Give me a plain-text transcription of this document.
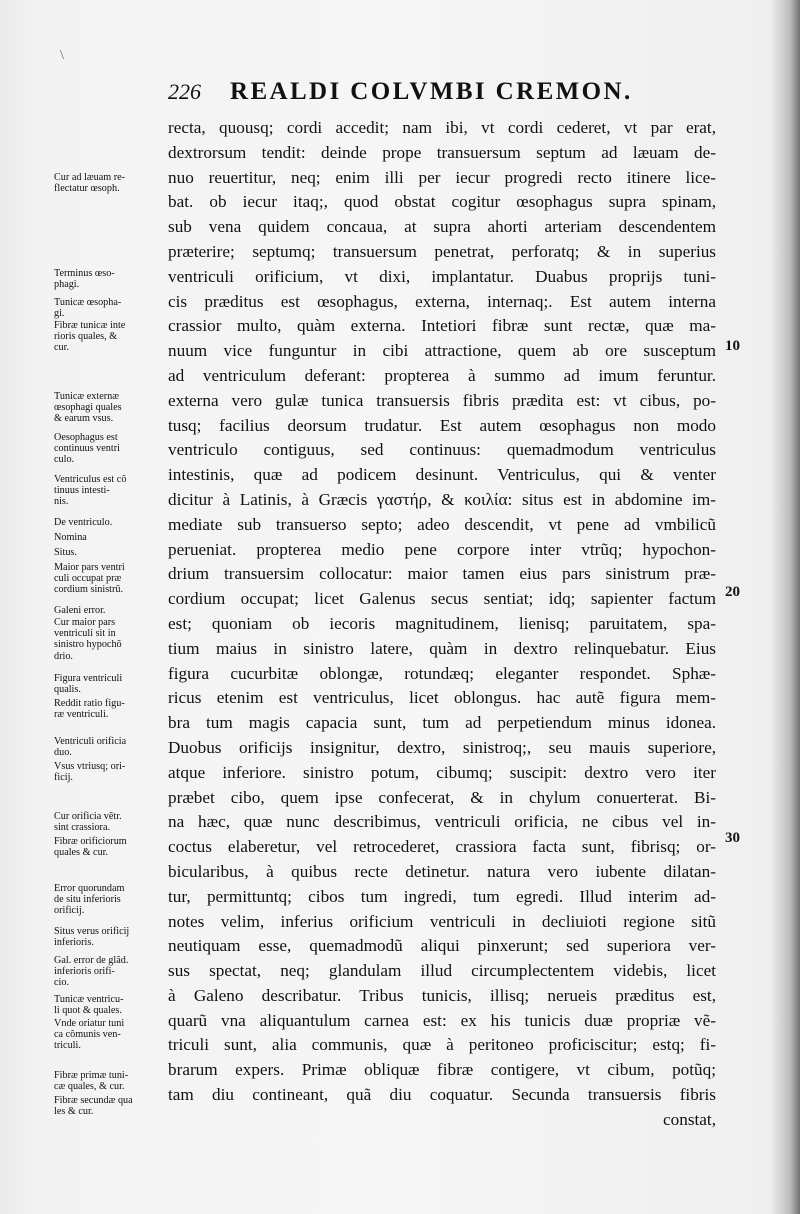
\
226	REALDI COLVMBI CREMON.
recta, quousq; cordi accedit; nam ibi, vt cordi cederet, vt par erat,
dextrorsum tendit: deinde prope transuersum septum ad læuam de-
nuo reuertitur, neq; enim illi per iecur progredi recto itinere lice-
bat. ob iecur itaq;, quod obstat cogitur œsophagus supra spinam,
sub vena quidem concaua, at supra ahorti arteriam descendentem
præterire; septumq; transuersum penetrat, perforatq; & in superius
ventriculi orificium, vt dixi, implantatur. Duabus proprijs tuni-
cis præditus est œsophagus, externa, internaq;. Est autem interna
crassior multo, quàm externa. Intetiori fibræ sunt rectæ, quæ ma-
nuum vice funguntur in cibi attractione, quem ab ore susceptum
ad ventriculum deferant: propterea à summo ad imum feruntur.
externa vero gulæ tunica transuersis fibris prædita est: vt cibus, po-
tusq; facilius deorsum trudatur. Est autem œsophagus non modo
ventriculo contiguus, sed continuus: quemadmodum ventriculus
intestinis, quæ ad podicem desinunt. Ventriculus, qui & venter
dicitur à Latinis, à Græcis γαστήρ, & κοιλία: situs est in abdomine im-
mediate sub transuerso septo; adeo descendit, vt pene ad vmbilicũ
perueniat. propterea medio pene corpore inter vtrũq; hypochon-
drium transuersim collocatur: maior tamen eius pars sinistrum præ-
cordium occupat; licet Galenus secus sentiat; idq; sapienter factum
est; quoniam ob iecoris magnitudinem, lienisq; paruitatem, spa-
tium maius in sinistro latere, quàm in dextro relinquebatur. Eius
figura cucurbitæ oblongæ, rotundæq; eleganter respondet. Sphæ-
ricus etenim est ventriculus, licet oblongus. hac autẽ figura mem-
bra tum magis capacia sunt, tum ad perpetiendum minus idonea.
Duobus orificijs insignitur, dextro, sinistroq;, seu mauis superiore,
atque inferiore. sinistro potum, cibumq; suscipit: dextro vero iter
præbet cibo, quem ipse confecerat, & in chylum conuerterat. Bi-
na hæc, quæ nunc describimus, ventriculi orificia, ne cibus vel in-
coctus elaberetur, vel retrocederet, crassiora facta sunt, fibrisq; or-
bicularibus, à quibus recte detinetur. natura vero iubente dilatan-
tur, permittuntq; cibos tum ingredi, tum egredi. Illud interim ad-
notes velim, inferius orificium ventriculi in decliuioti regione sitũ
neutiquam esse, quemadmodũ aliqui pinxerunt; sed superiora ver-
sus spectat, neq; glandulam illud circumplectentem videbis, licet
à Galeno describatur. Tribus tunicis, illisq; nerueis præditus est,
quarũ vna aliquantulum carnea est: ex his tunicis duæ propriæ vẽ-
triculi sunt, alia communis, quæ à peritoneo proficiscitur; estq; fi-
brarum expers. Primæ obliquæ fibræ contigere, vt cibum, potũq;
tam diu contineant, quã diu coquatur. Secunda transuersis fibris
constat,
Cur ad læuam re-
flectatur œsoph.
Terminus œso-
phagi.
Tunicæ œsopha-
gi.
Fibræ tunicæ inte
rioris quales, &
cur.
Tunicæ externæ
œsophagi quales
& earum vsus.
Oesophagus est
continuus ventri
culo.
Ventriculus est cõ
tinuus intesti-
nis.
De ventriculo.
Nomina
Situs.
Maior pars ventri
culi occupat præ
cordium sinistrũ.
Galeni error.
Cur maior pars
ventriculi sit in
sinistro hypochõ
drio.
Figura ventriculi
qualis.
Reddit ratio figu-
ræ ventriculi.
Ventriculi orificia
duo.
Vsus vtriusq; ori-
ficij.
Cur orificia vẽtr.
sint crassiora.
Fibræ orificiorum
quales & cur.
Error quorundam
de situ inferioris
orificij.
Situs verus orificij
inferioris.
Gal. error de glãd.
inferioris orifi-
cio.
Tunicæ ventricu-
li quot & quales.
Vnde oriatur tuni
ca cõmunis ven-
triculi.
Fibræ primæ tuni-
cæ quales, & cur.
Fibræ secundæ qua
les & cur.
10
20
30
